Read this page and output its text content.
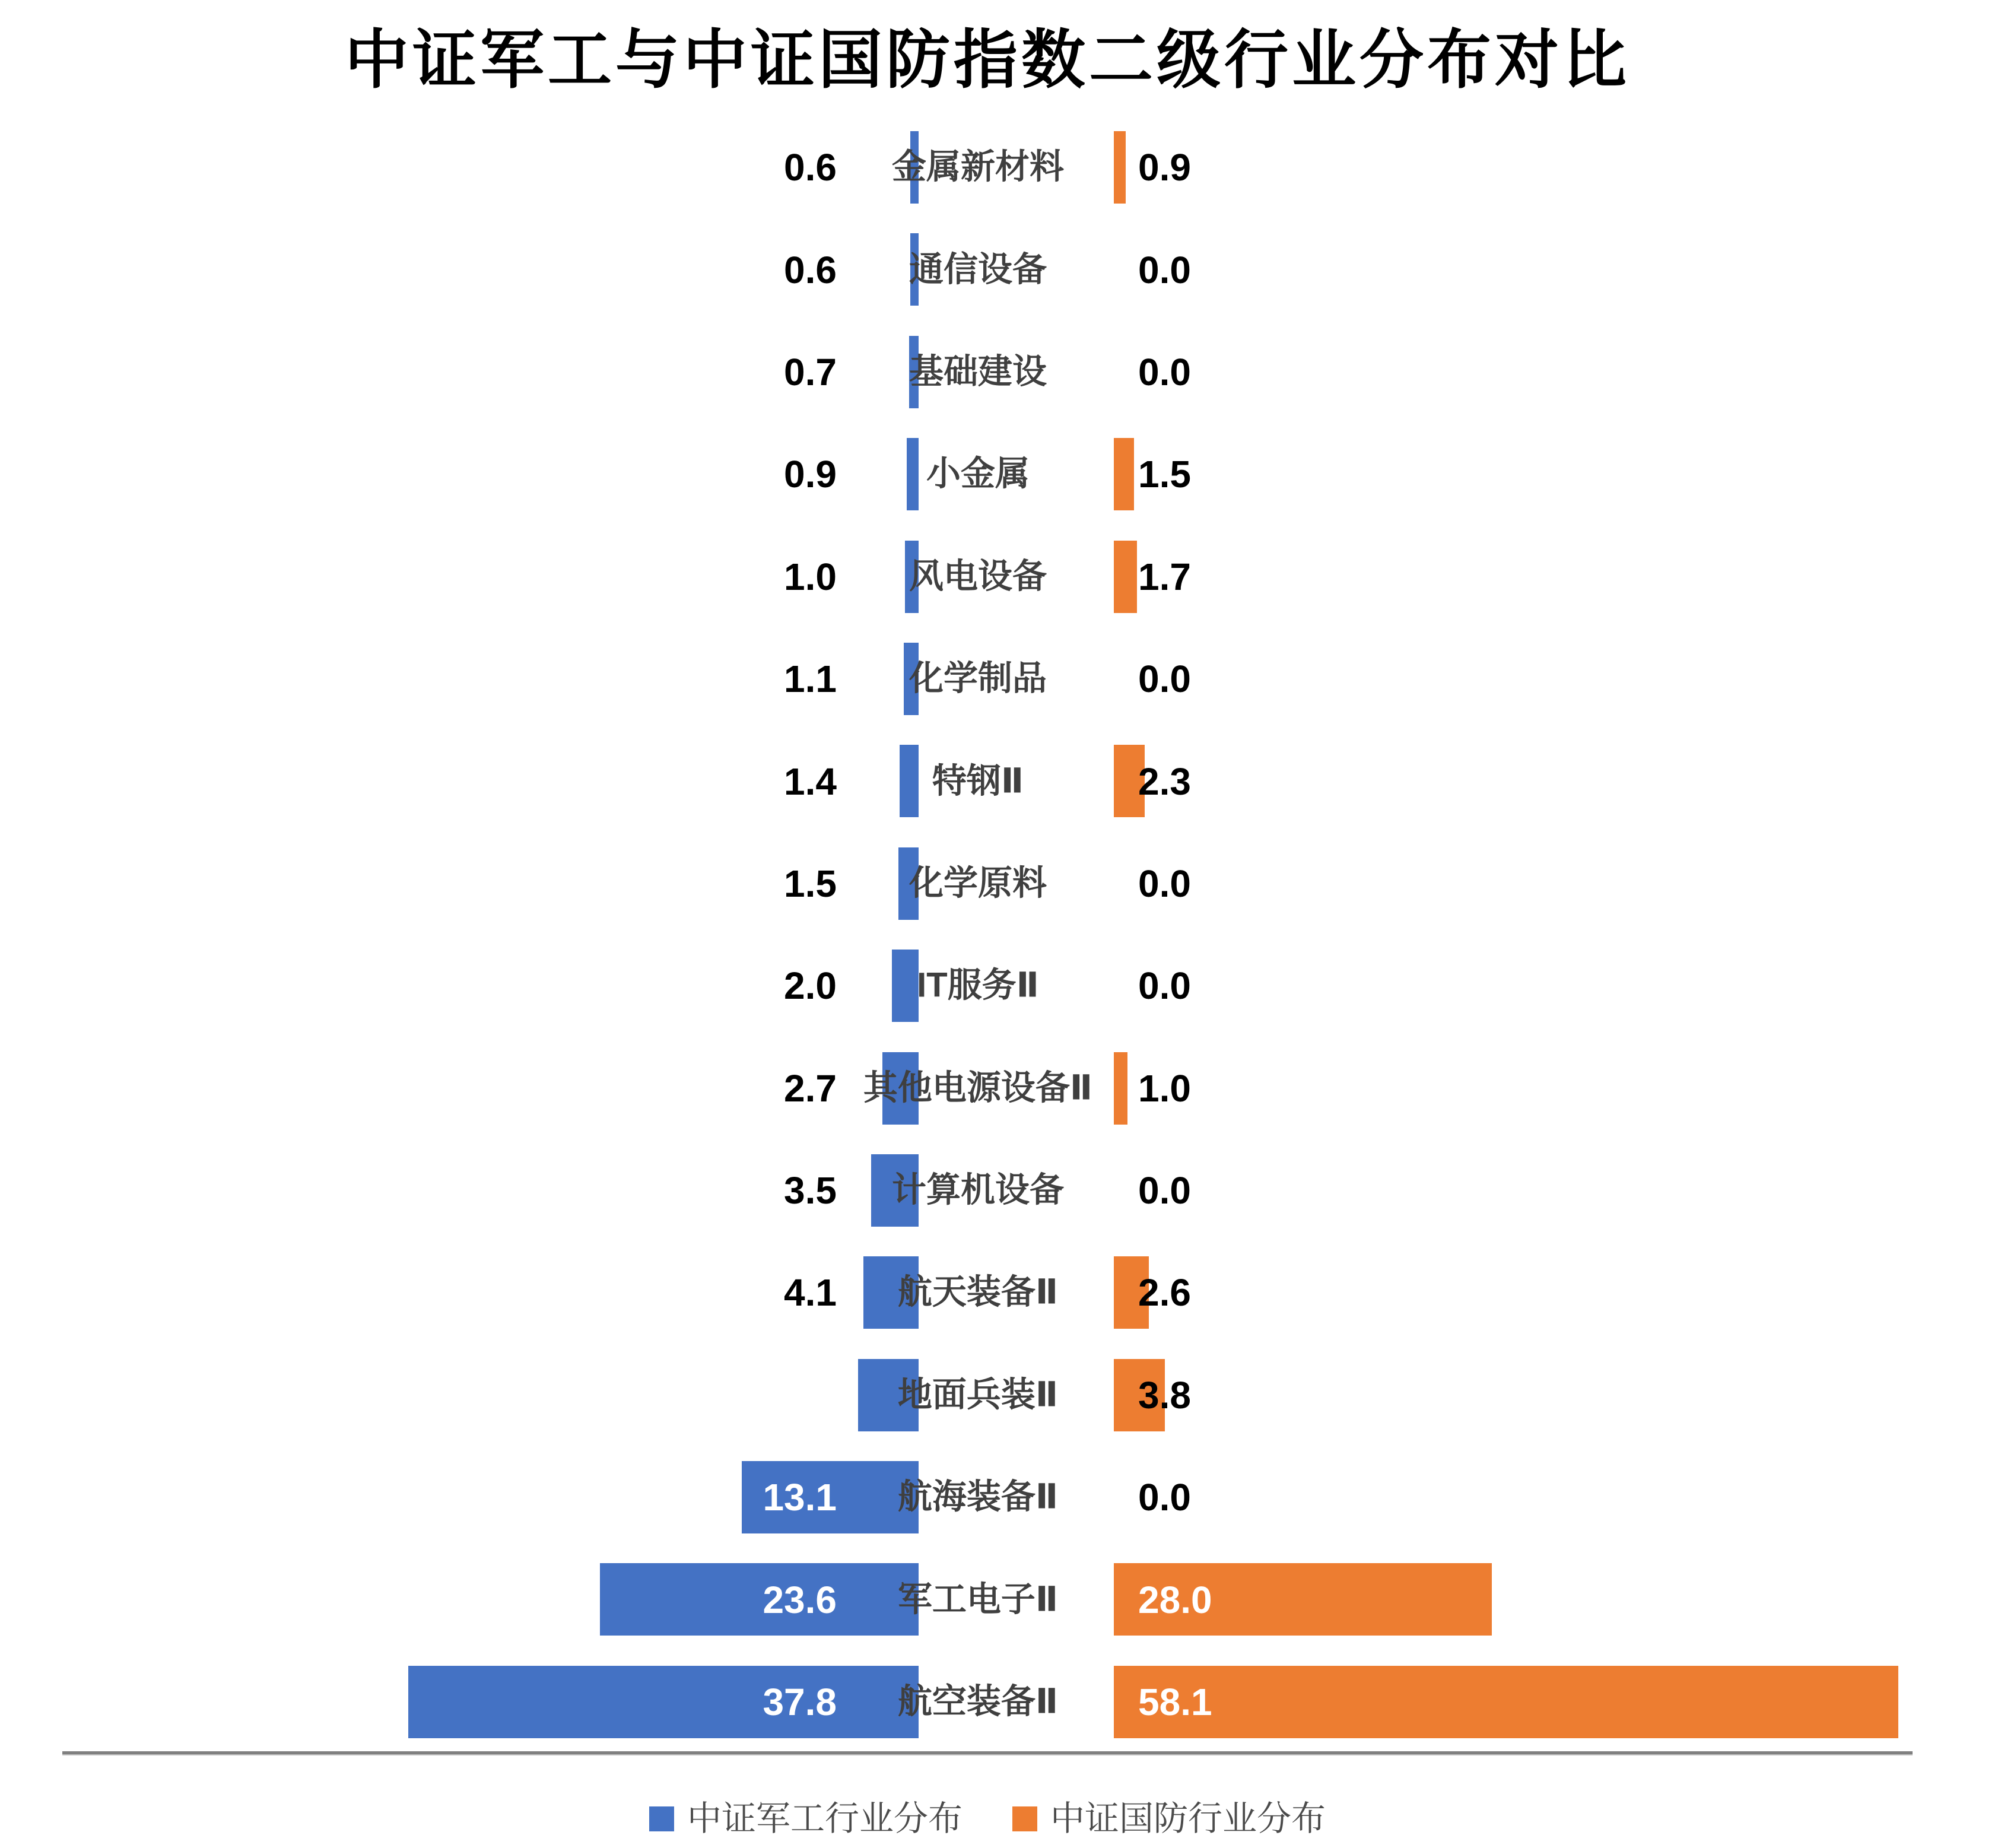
中证军工与中证国防指数二级行业分布对比
0.6	金属新材料	0.9
0.6	通信设备	0.0
0.7	基础建设	0.0
0.9	小金属	1.5
1.0	风电设备	1.7
1.1	化学制品	0.0
1.4	特钢Ⅱ	2.3
1.5	化学原料	0.0
2.0	IT服务Ⅱ	0.0
2.7 其他电源设备Ⅱ	1.0
3.5	计算机设备	0.0
4.1	航天装备Ⅱ	2.6
4.5	地面兵装Ⅱ	3.8
13.1	航海装备Ⅱ	0.0
23.6	军工电子Ⅱ	28.0
37.8	航空装备Ⅱ	58.1
中证军工行业分布	中证国防行业分布
